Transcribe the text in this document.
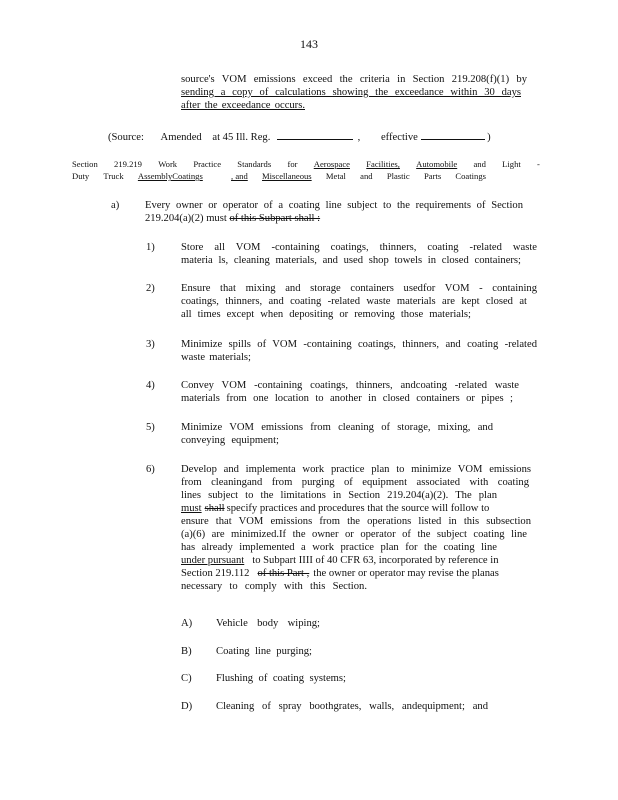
143
source's VOM emissions exceed the criteria in Section 219.208(f)(1) by
sending a copy of calculations showing the exceedance within 30 days
after the exceedance occurs.
(Source: Amended at 45 Ill. Reg.	, effective	)
Section 219.219 Work Practice Standards for Aerospace Facilities, Automobile and Light -
Duty Truck AssemblyCoatings	, and Miscellaneous Metal and Plastic Parts Coatings
a) Every owner or operator of a coating line subject to the requirements of Section
219.204(a)(2) must of this Subpart shall :
1) Store all VOM -containing coatings, thinners, coating -related waste
materia ls, cleaning materials, and used shop towels in closed containers;
2) Ensure that mixing and storage containers usedfor VOM - containing
coatings, thinners, and coating -related waste materials are kept closed at
all times except when depositing or removing those materials;
3) Minimize spills of VOM -containing coatings, thinners, and coating -related
waste materials;
4) Convey VOM -containing coatings, thinners, andcoating -related waste
materials from one location to another in closed containers or pipes ;
5) Minimize VOM emissions from cleaning of storage, mixing, and
conveying equipment;
6) Develop and implementa work practice plan to minimize VOM emissions
from cleaningand from purging of equipment associated with coating
lines subject to the limitations in Section 219.204(a)(2). The plan
must shall specify practices and procedures that the source will follow to
ensure that VOM emissions from the operations listed in this subsection
(a)(6) are minimized.If the owner or operator of the subject coating line
has already implemented a work practice plan for the coating line
under pursuant to Subpart IIII of 40 CFR 63, incorporated by reference in
Section 219.112 of this Part , the owner or operator may revise the planas
necessary to comply with this Section.
A) Vehicle body wiping;
B) Coating line purging;
C) Flushing of coating systems;
D) Cleaning of spray boothgrates, walls, andequipment; and
